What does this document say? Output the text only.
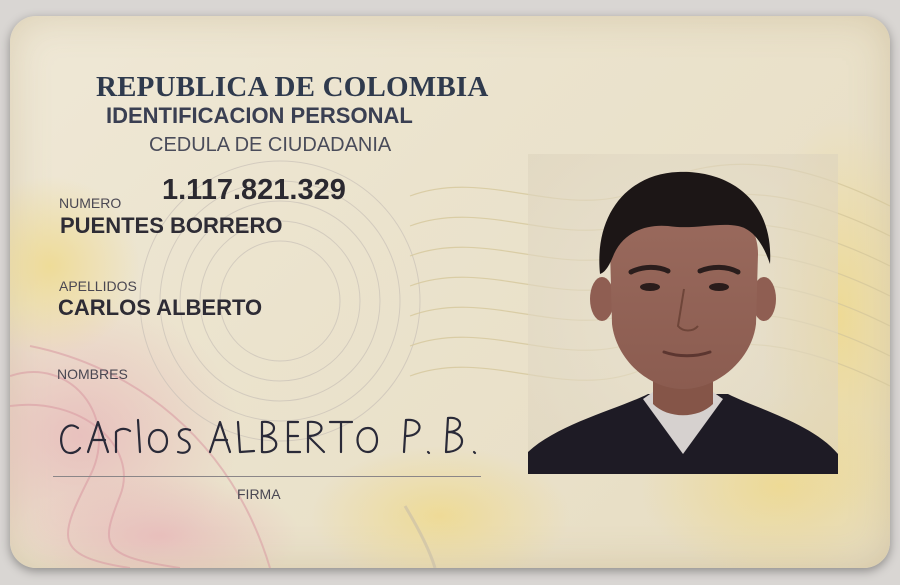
REPUBLICA DE COLOMBIA

IDENTIFICACION PERSONAL

CEDULA DE CIUDADANIA

NUMERO 1.117.821.329

PUENTES BORRERO

APELLIDOS

CARLOS ALBERTO

NOMBRES

FIRMA
